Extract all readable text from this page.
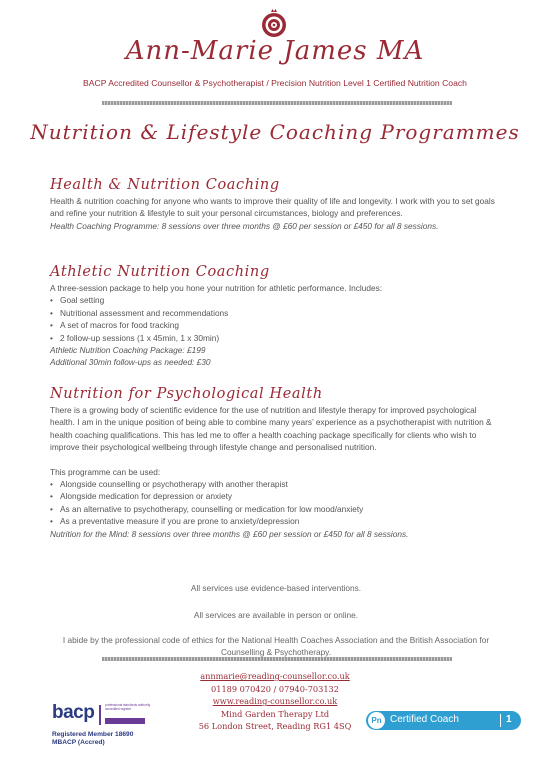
Ann-Marie James MA
BACP Accredited Counsellor & Psychotherapist / Precision Nutrition Level 1 Certified Nutrition Coach
Nutrition & Lifestyle Coaching Programmes
Health & Nutrition Coaching

Health & nutrition coaching for anyone who wants to improve their quality of life and longevity. I work with you to set goals and refine your nutrition & lifestyle to suit your personal circumstances, biology and preferences.

Health Coaching Programme: 8 sessions over three months @ £60 per session or £450 for all 8 sessions.

Athletic Nutrition Coaching

A three-session package to help you hone your nutrition for athletic performance. Includes:

• Goal setting
• Nutritional assessment and recommendations
• A set of macros for food tracking
• 2 follow-up sessions (1 x 45min, 1 x 30min)

Athletic Nutrition Coaching Package: £199

Additional 30min follow-ups as needed: £30

Nutrition for Psychological Health

There is a growing body of scientific evidence for the use of nutrition and lifestyle therapy for improved psychological health. I am in the unique position of being able to combine many years’ experience as a psychotherapist with nutrition & health coaching qualifications. This has led me to offer a health coaching package specifically for clients who wish to improve their psychological wellbeing through lifestyle change and personalised nutrition.

This programme can be used:

• Alongside counselling or psychotherapy with another therapist
• Alongside medication for depression or anxiety
• As an alternative to psychotherapy, counselling or medication for low mood/anxiety
• As a preventative measure if you are prone to anxiety/depression

Nutrition for the Mind: 8 sessions over three months @ £60 per session or £450 for all 8 sessions.

All services use evidence-based interventions.
All services are available in person or online.
I abide by the professional code of ethics for the National Health Coaches Association and the British Association for Counselling & Psychotherapy.
annmarie@reading-counsellor.co.uk
01189 070420 / 07940-703132
www.reading-counsellor.co.uk
Mind Garden Therapy Ltd
56 London Street, Reading RG1 4SQ
bacp	professional standards authority accredited register
Registered Member 18690
MBACP (Accred)
Pn Certified Coach	1
